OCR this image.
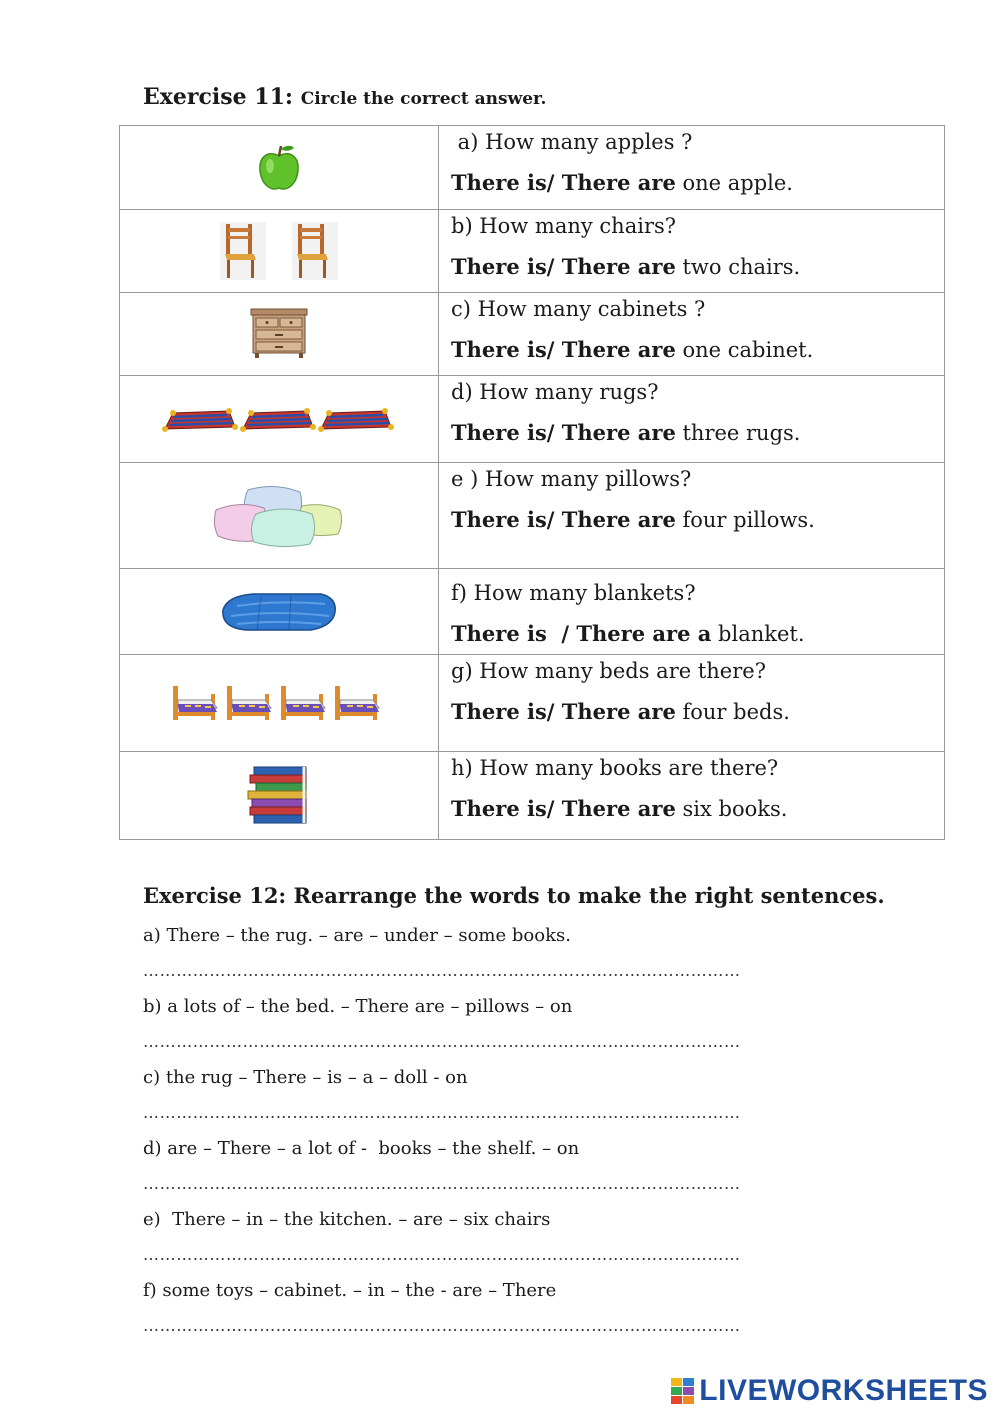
Exercise 11: Circle the correct answer.

a) How many apples ?
There is/ There are one apple.

b) How many chairs?
There is/ There are two chairs.

c) How many cabinets ?
There is/ There are one cabinet.

d) How many rugs?
There is/ There are three rugs.

e ) How many pillows?
There is/ There are four pillows.

f) How many blankets?
There is  / There are a blanket.

g) How many beds are there?
There is/ There are four beds.

h) How many books are there?
There is/ There are six books.
Exercise 12: Rearrange the words to make the right sentences.
a) There – the rug. – are – under – some books.
………………………………………………………………………………………………
b) a lots of – the bed. – There are – pillows – on
………………………………………………………………………………………………
c) the rug – There – is – a – doll - on
………………………………………………………………………………………………
d) are – There – a lot of -  books – the shelf. – on
………………………………………………………………………………………………
e)  There – in – the kitchen. – are – six chairs
………………………………………………………………………………………………
f) some toys – cabinet. – in – the - are – There
………………………………………………………………………………………………
LIVEWORKSHEETS
